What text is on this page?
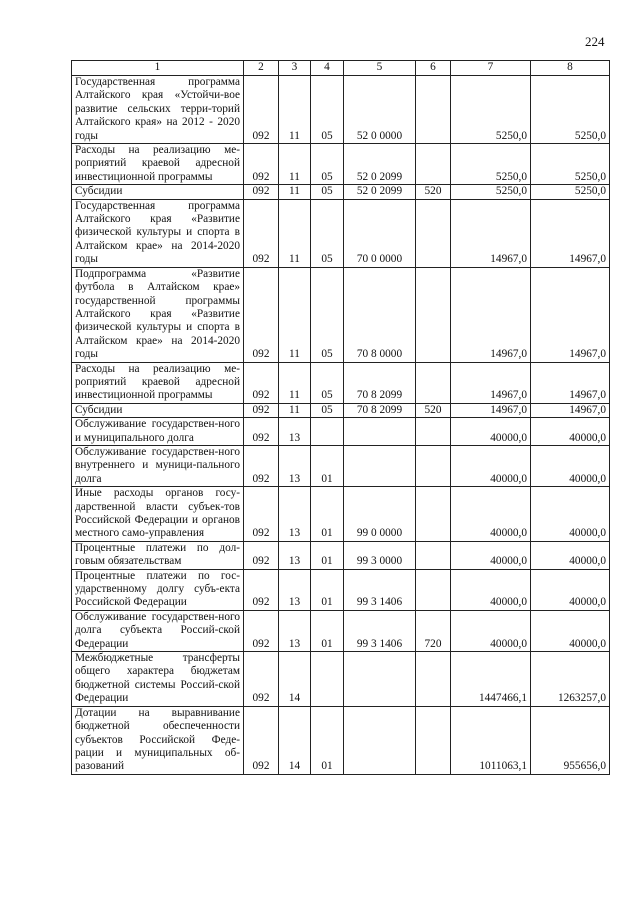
224
1	2	3	4	5	6	7	8
Государственная программа Алтайского края «Устойчи-вое развитие сельских терри-торий Алтайского края» на 2012 - 2020 годы	092	11	05	52 0 0000		5250,0	5250,0
Расходы на реализацию ме-роприятий краевой адресной инвестиционной программы	092	11	05	52 0 2099		5250,0	5250,0
Субсидии	092	11	05	52 0 2099	520	5250,0	5250,0
Государственная программа Алтайского края «Развитие физической культуры и спорта в Алтайском крае» на 2014-2020 годы	092	11	05	70 0 0000		14967,0	14967,0
Подпрограмма «Развитие футбола в Алтайском крае» государственной программы Алтайского края «Развитие физической культуры и спорта в Алтайском крае» на 2014-2020 годы	092	11	05	70 8 0000		14967,0	14967,0
Расходы на реализацию ме-роприятий краевой адресной инвестиционной программы	092	11	05	70 8 2099		14967,0	14967,0
Субсидии	092	11	05	70 8 2099	520	14967,0	14967,0
Обслуживание государствен-ного и муниципального долга	092	13				40000,0	40000,0
Обслуживание государствен-ного внутреннего и муници-пального долга	092	13	01			40000,0	40000,0
Иные расходы органов госу-дарственной власти субъек-тов Российской Федерации и органов местного само-управления	092	13	01	99 0 0000		40000,0	40000,0
Процентные платежи по дол-говым обязательствам	092	13	01	99 3 0000		40000,0	40000,0
Процентные платежи по гос-ударственному долгу субъ-екта Российской Федерации	092	13	01	99 3 1406		40000,0	40000,0
Обслуживание государствен-ного долга субъекта Россий-ской Федерации	092	13	01	99 3 1406	720	40000,0	40000,0
Межбюджетные трансферты общего характера бюджетам бюджетной системы Россий-ской Федерации	092	14				1447466,1	1263257,0
Дотации на выравнивание бюджетной обеспеченности субъектов Российской Феде-рации и муниципальных об-разований	092	14	01			1011063,1	955656,0
